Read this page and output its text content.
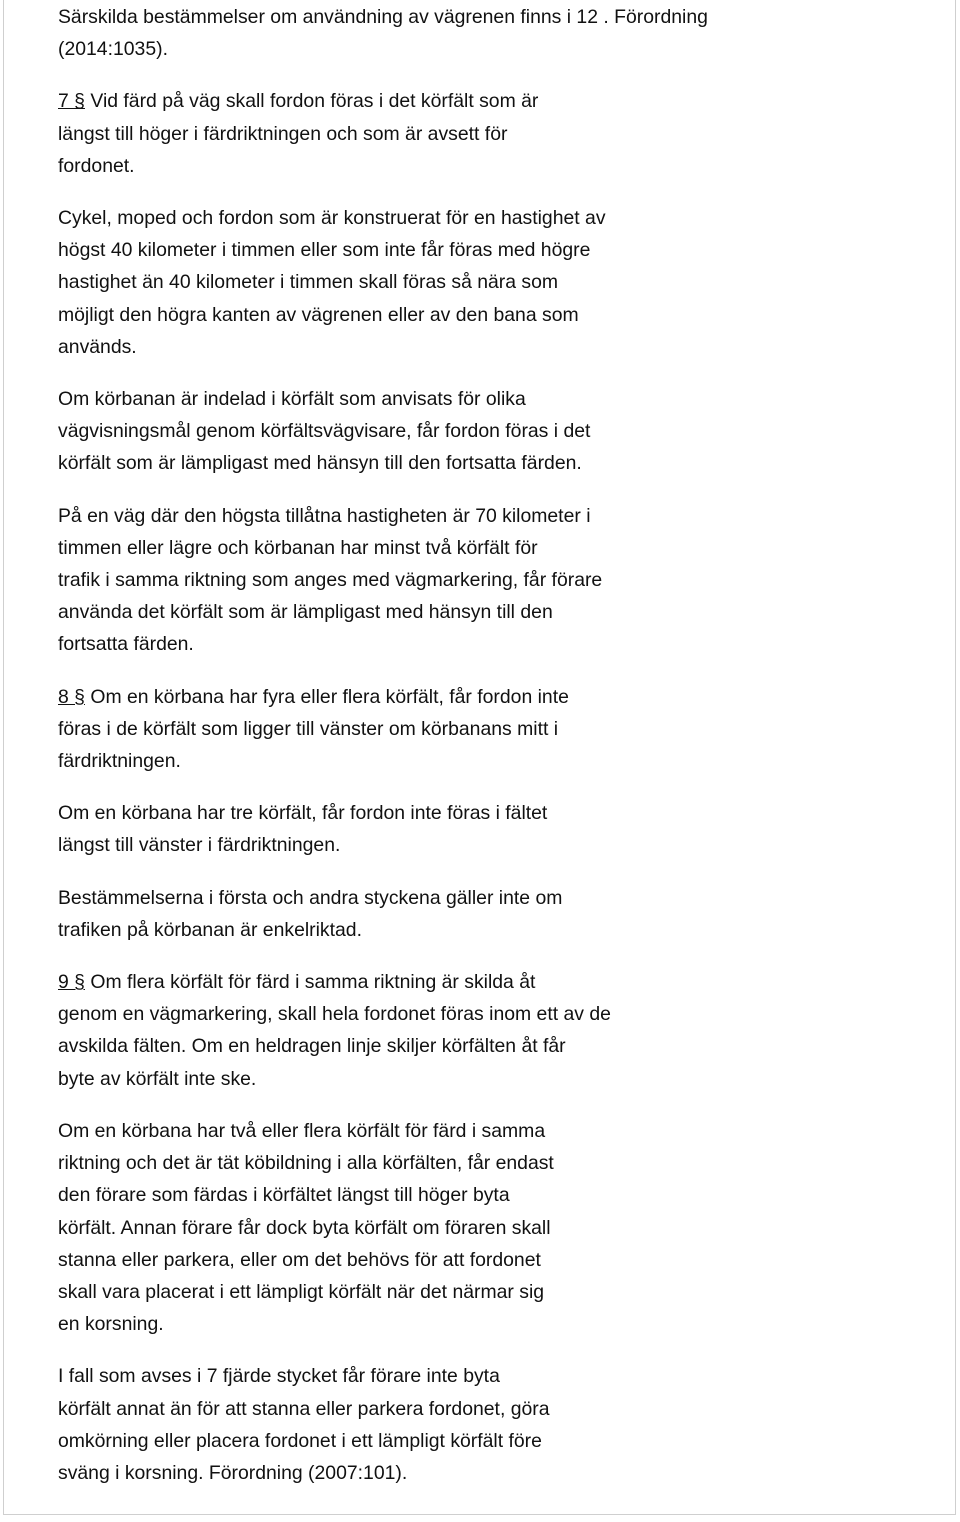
Särskilda bestämmelser om användning av vägrenen finns i 12 . Förordning
(2014:1035).
7 § Vid färd på väg skall fordon föras i det körfält som är
längst till höger i färdriktningen och som är avsett för
fordonet.
Cykel, moped och fordon som är konstruerat för en hastighet av
högst 40 kilometer i timmen eller som inte får föras med högre
hastighet än 40 kilometer i timmen skall föras så nära som
möjligt den högra kanten av vägrenen eller av den bana som
används.
Om körbanan är indelad i körfält som anvisats för olika
vägvisningsmål genom körfältsvägvisare, får fordon föras i det
körfält som är lämpligast med hänsyn till den fortsatta färden.
På en väg där den högsta tillåtna hastigheten är 70 kilometer i
timmen eller lägre och körbanan har minst två körfält för
trafik i samma riktning som anges med vägmarkering, får förare
använda det körfält som är lämpligast med hänsyn till den
fortsatta färden.
8 § Om en körbana har fyra eller flera körfält, får fordon inte
föras i de körfält som ligger till vänster om körbanans mitt i
färdriktningen.
Om en körbana har tre körfält, får fordon inte föras i fältet
längst till vänster i färdriktningen.
Bestämmelserna i första och andra styckena gäller inte om
trafiken på körbanan är enkelriktad.
9 § Om flera körfält för färd i samma riktning är skilda åt
genom en vägmarkering, skall hela fordonet föras inom ett av de
avskilda fälten. Om en heldragen linje skiljer körfälten åt får
byte av körfält inte ske.
Om en körbana har två eller flera körfält för färd i samma
riktning och det är tät köbildning i alla körfälten, får endast
den förare som färdas i körfältet längst till höger byta
körfält. Annan förare får dock byta körfält om föraren skall
stanna eller parkera, eller om det behövs för att fordonet
skall vara placerat i ett lämpligt körfält när det närmar sig
en korsning.
I fall som avses i 7 fjärde stycket får förare inte byta
körfält annat än för att stanna eller parkera fordonet, göra
omkörning eller placera fordonet i ett lämpligt körfält före
sväng i korsning. Förordning (2007:101).
